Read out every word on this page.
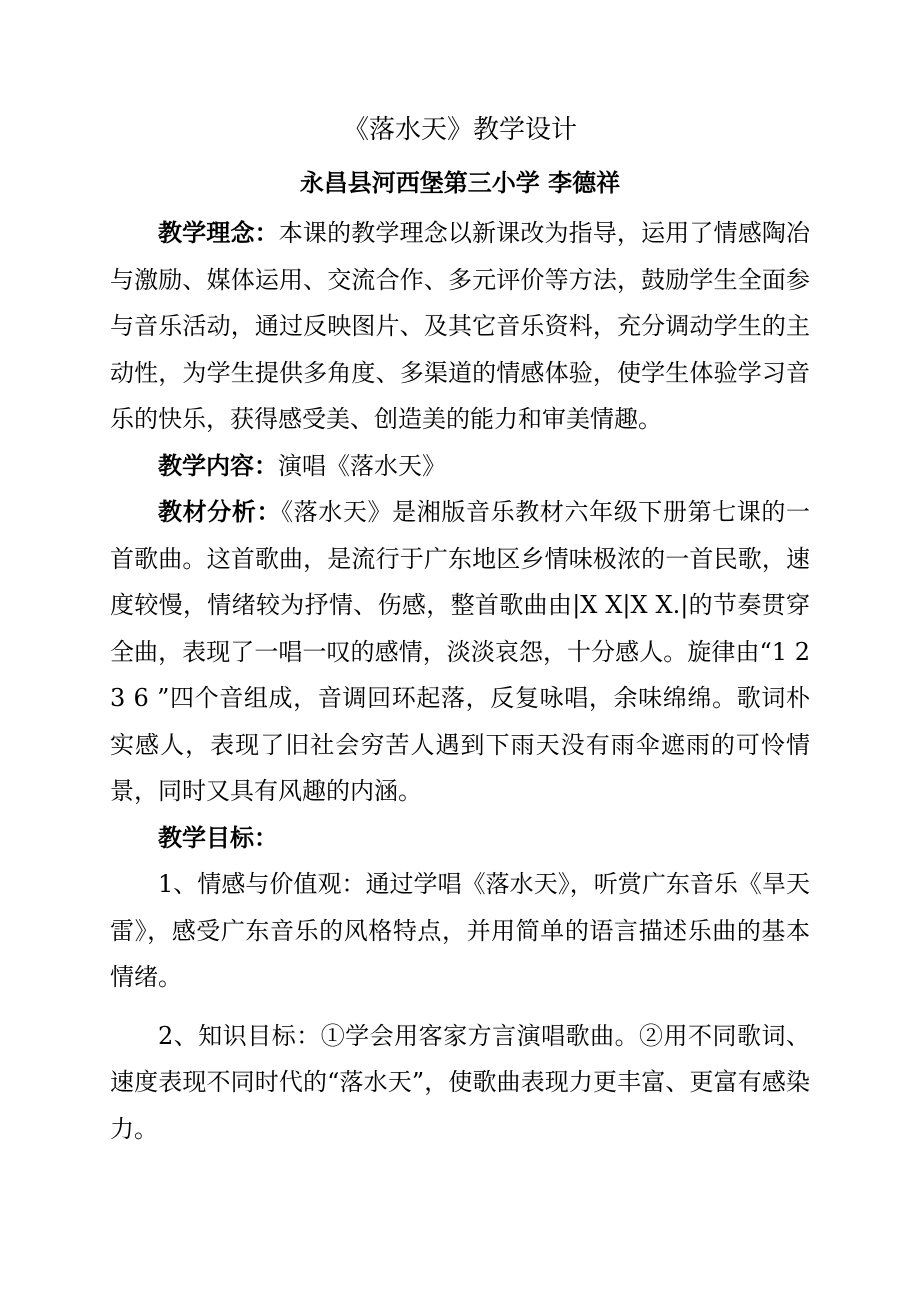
《落水天》教学设计
永昌县河西堡第三小学 李德祥

教学理念：本课的教学理念以新课改为指导，运用了情感陶冶与激励、媒体运用、交流合作、多元评价等方法，鼓励学生全面参与音乐活动，通过反映图片、及其它音乐资料，充分调动学生的主动性，为学生提供多角度、多渠道的情感体验，使学生体验学习音乐的快乐，获得感受美、创造美的能力和审美情趣。

教学内容：演唱《落水天》

教材分析：《落水天》是湘版音乐教材六年级下册第七课的一首歌曲。这首歌曲，是流行于广东地区乡情味极浓的一首民歌，速度较慢，情绪较为抒情、伤感，整首歌曲由|X X|X X.|的节奏贯穿全曲，表现了一唱一叹的感情，淡淡哀怨，十分感人。旋律由“1 2 3 6 ”四个音组成，音调回环起落，反复咏唱，余味绵绵。歌词朴实感人，表现了旧社会穷苦人遇到下雨天没有雨伞遮雨的可怜情景，同时又具有风趣的内涵。

教学目标：

1、情感与价值观：通过学唱《落水天》，听赏广东音乐《旱天雷》，感受广东音乐的风格特点，并用简单的语言描述乐曲的基本情绪。

2、知识目标：①学会用客家方言演唱歌曲。②用不同歌词、速度表现不同时代的“落水天”，使歌曲表现力更丰富、更富有感染力。
